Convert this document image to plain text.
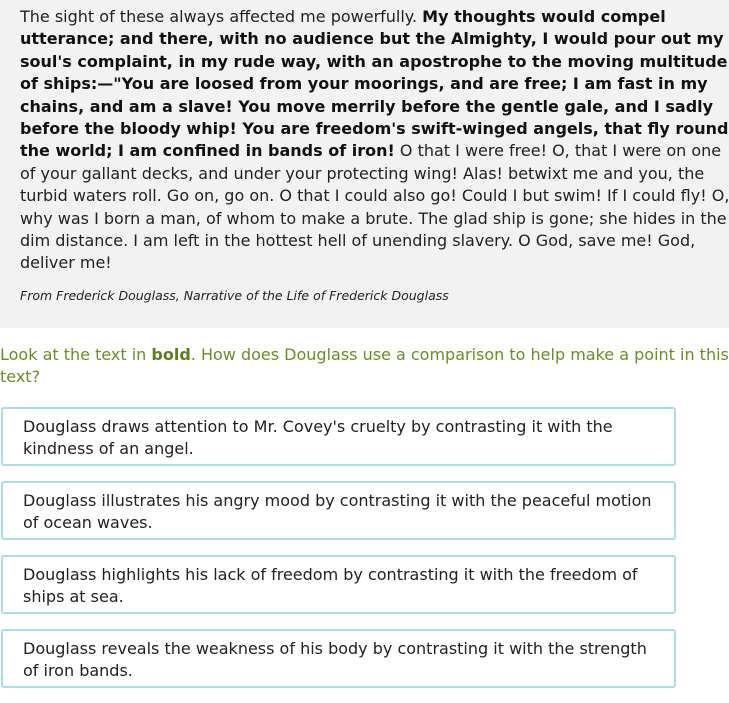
The sight of these always affected me powerfully. My thoughts would compel utterance; and there, with no audience but the Almighty, I would pour out my soul's complaint, in my rude way, with an apostrophe to the moving multitude of ships:—"You are loosed from your moorings, and are free; I am fast in my chains, and am a slave! You move merrily before the gentle gale, and I sadly before the bloody whip! You are freedom's swift-winged angels, that fly round the world; I am confined in bands of iron! O that I were free! O, that I were on one of your gallant decks, and under your protecting wing! Alas! betwixt me and you, the turbid waters roll. Go on, go on. O that I could also go! Could I but swim! If I could fly! O, why was I born a man, of whom to make a brute. The glad ship is gone; she hides in the dim distance. I am left in the hottest hell of unending slavery. O God, save me! God, deliver me!

From Frederick Douglass, Narrative of the Life of Frederick Douglass

Look at the text in bold. How does Douglass use a comparison to help make a point in this text?

Douglass draws attention to Mr. Covey's cruelty by contrasting it with the kindness of an angel.
Douglass illustrates his angry mood by contrasting it with the peaceful motion of ocean waves.
Douglass highlights his lack of freedom by contrasting it with the freedom of ships at sea.
Douglass reveals the weakness of his body by contrasting it with the strength of iron bands.
